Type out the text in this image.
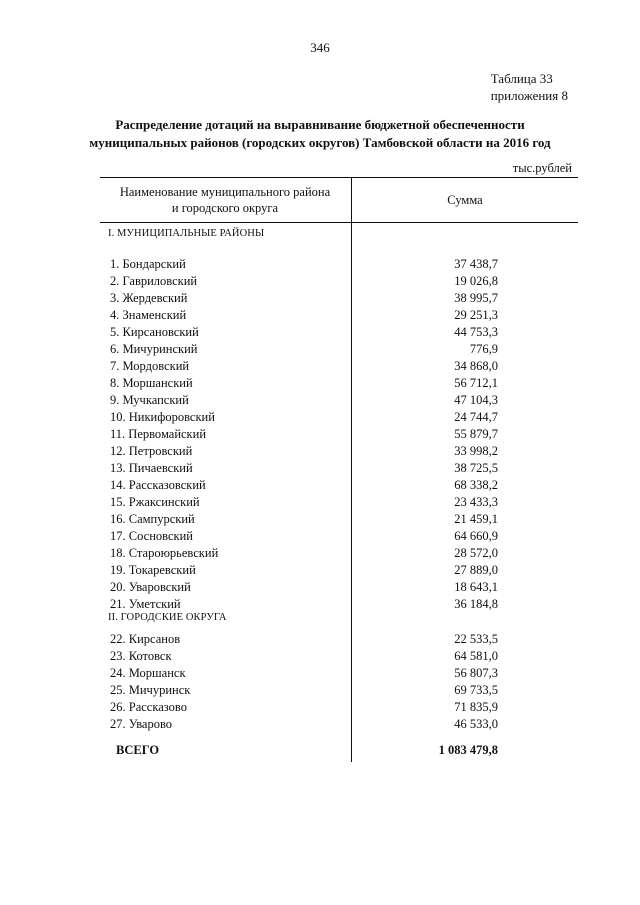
346
Таблица 33
приложения 8
Распределение дотаций на выравнивание бюджетной обеспеченности
муниципальных районов (городских округов) Тамбовской области на 2016 год
тыс.рублей
Наименование муниципального района
и городского округа
Сумма
I. МУНИЦИПАЛЬНЫЕ РАЙОНЫ
1. Бондарский	37 438,7
2. Гавриловский	19 026,8
3. Жердевский	38 995,7
4. Знаменский	29 251,3
5. Кирсановский	44 753,3
6. Мичуринский	776,9
7. Мордовский	34 868,0
8. Моршанский	56 712,1
9. Мучкапский	47 104,3
10. Никифоровский	24 744,7
11. Первомайский	55 879,7
12. Петровский	33 998,2
13. Пичаевский	38 725,5
14. Рассказовский	68 338,2
15. Ржаксинский	23 433,3
16. Сампурский	21 459,1
17. Сосновский	64 660,9
18. Староюрьевский	28 572,0
19. Токаревский	27 889,0
20. Уваровский	18 643,1
21. Уметский	36 184,8
II. ГОРОДСКИЕ ОКРУГА
22. Кирсанов	22 533,5
23. Котовск	64 581,0
24. Моршанск	56 807,3
25. Мичуринск	69 733,5
26. Рассказово	71 835,9
27. Уварово	46 533,0
ВСЕГО	1 083 479,8
